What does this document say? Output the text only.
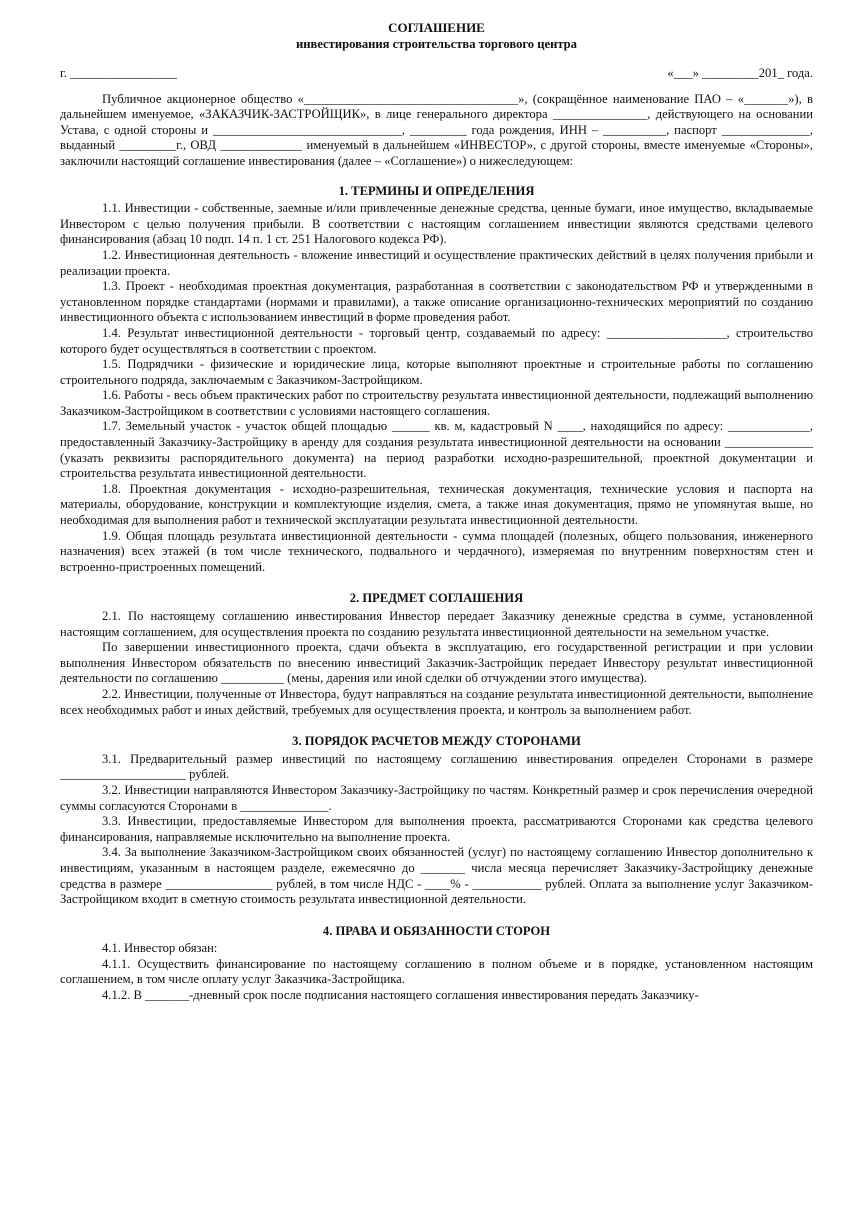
СОГЛАШЕНИЕ
инвестирования строительства торгового центра
г. _________________	«___» _________201_ года.

Публичное акционерное общество «__________________________________», (сокращённое наименование ПАО – «_______»), в дальнейшем именуемое, «ЗАКАЗЧИК-ЗАСТРОЙЩИК», в лице генерального директора _______________, действующего на основании Устава, с одной стороны и ______________________________, _________ года рождения, ИНН – __________, паспорт ______________, выданный _________г., ОВД _____________ именуемый в дальнейшем «ИНВЕСТОР», с другой стороны, вместе именуемые «Стороны», заключили настоящий соглашение инвестирования (далее – «Соглашение») о нижеследующем:

1. ТЕРМИНЫ И ОПРЕДЕЛЕНИЯ

1.1. Инвестиции - собственные, заемные и/или привлеченные денежные средства, ценные бумаги, иное имущество, вкладываемые Инвестором с целью получения прибыли. В соответствии с настоящим соглашением инвестиции являются средствами целевого финансирования (абзац 10 подп. 14 п. 1 ст. 251 Налогового кодекса РФ).

1.2. Инвестиционная деятельность - вложение инвестиций и осуществление практических действий в целях получения прибыли и реализации проекта.

1.3. Проект - необходимая проектная документация, разработанная в соответствии с законодательством РФ и утвержденными в установленном порядке стандартами (нормами и правилами), а также описание организационно-технических мероприятий по созданию инвестиционного объекта с использованием инвестиций в форме проведения работ.

1.4. Результат инвестиционной деятельности - торговый центр, создаваемый по адресу: ___________________, строительство которого будет осуществляться в соответствии с проектом.

1.5. Подрядчики - физические и юридические лица, которые выполняют проектные и строительные работы по соглашению строительного подряда, заключаемым с Заказчиком-Застройщиком.

1.6. Работы - весь объем практических работ по строительству результата инвестиционной деятельности, подлежащий выполнению Заказчиком-Застройщиком в соответствии с условиями настоящего соглашения.

1.7. Земельный участок - участок общей площадью ______ кв. м, кадастровый N ____, находящийся по адресу: _____________, предоставленный Заказчику-Застройщику в аренду для создания результата инвестиционной деятельности на основании ______________ (указать реквизиты распорядительного документа) на период разработки исходно-разрешительной, проектной документации и строительства результата инвестиционной деятельности.

1.8. Проектная документация - исходно-разрешительная, техническая документация, технические условия и паспорта на материалы, оборудование, конструкции и комплектующие изделия, смета, а также иная документация, прямо не упомянутая выше, но необходимая для выполнения работ и технической эксплуатации результата инвестиционной деятельности.

1.9. Общая площадь результата инвестиционной деятельности - сумма площадей (полезных, общего пользования, инженерного назначения) всех этажей (в том числе технического, подвального и чердачного), измеряемая по внутренним поверхностям стен и встроенно-пристроенных помещений.

2. ПРЕДМЕТ СОГЛАШЕНИЯ

2.1. По настоящему соглашению инвестирования Инвестор передает Заказчику денежные средства в сумме, установленной настоящим соглашением, для осуществления проекта по созданию результата инвестиционной деятельности на земельном участке.

По завершении инвестиционного проекта, сдачи объекта в эксплуатацию, его государственной регистрации и при условии выполнения Инвестором обязательств по внесению инвестиций Заказчик-Застройщик передает Инвестору результат инвестиционной деятельности по соглашению __________ (мены, дарения или иной сделки об отчуждении этого имущества).

2.2. Инвестиции, полученные от Инвестора, будут направляться на создание результата инвестиционной деятельности, выполнение всех необходимых работ и иных действий, требуемых для осуществления проекта, и контроль за выполнением работ.

3. ПОРЯДОК РАСЧЕТОВ МЕЖДУ СТОРОНАМИ

3.1. Предварительный размер инвестиций по настоящему соглашению инвестирования определен Сторонами в размере ____________________ рублей.

3.2. Инвестиции направляются Инвестором Заказчику-Застройщику по частям. Конкретный размер и срок перечисления очередной суммы согласуются Сторонами в ______________.

3.3. Инвестиции, предоставляемые Инвестором для выполнения проекта, рассматриваются Сторонами как средства целевого финансирования, направляемые исключительно на выполнение проекта.

3.4. За выполнение Заказчиком-Застройщиком своих обязанностей (услуг) по настоящему соглашению Инвестор дополнительно к инвестициям, указанным в настоящем разделе, ежемесячно до _______ числа месяца перечисляет Заказчику-Застройщику денежные средства в размере _________________ рублей, в том числе НДС - ____% - ___________ рублей. Оплата за выполнение услуг Заказчиком-Застройщиком входит в сметную стоимость результата инвестиционной деятельности.

4. ПРАВА И ОБЯЗАННОСТИ СТОРОН

4.1. Инвестор обязан:

4.1.1. Осуществить финансирование по настоящему соглашению в полном объеме и в порядке, установленном настоящим соглашением, в том числе оплату услуг Заказчика-Застройщика.

4.1.2. В _______-дневный срок после подписания настоящего соглашения инвестирования передать Заказчику-
